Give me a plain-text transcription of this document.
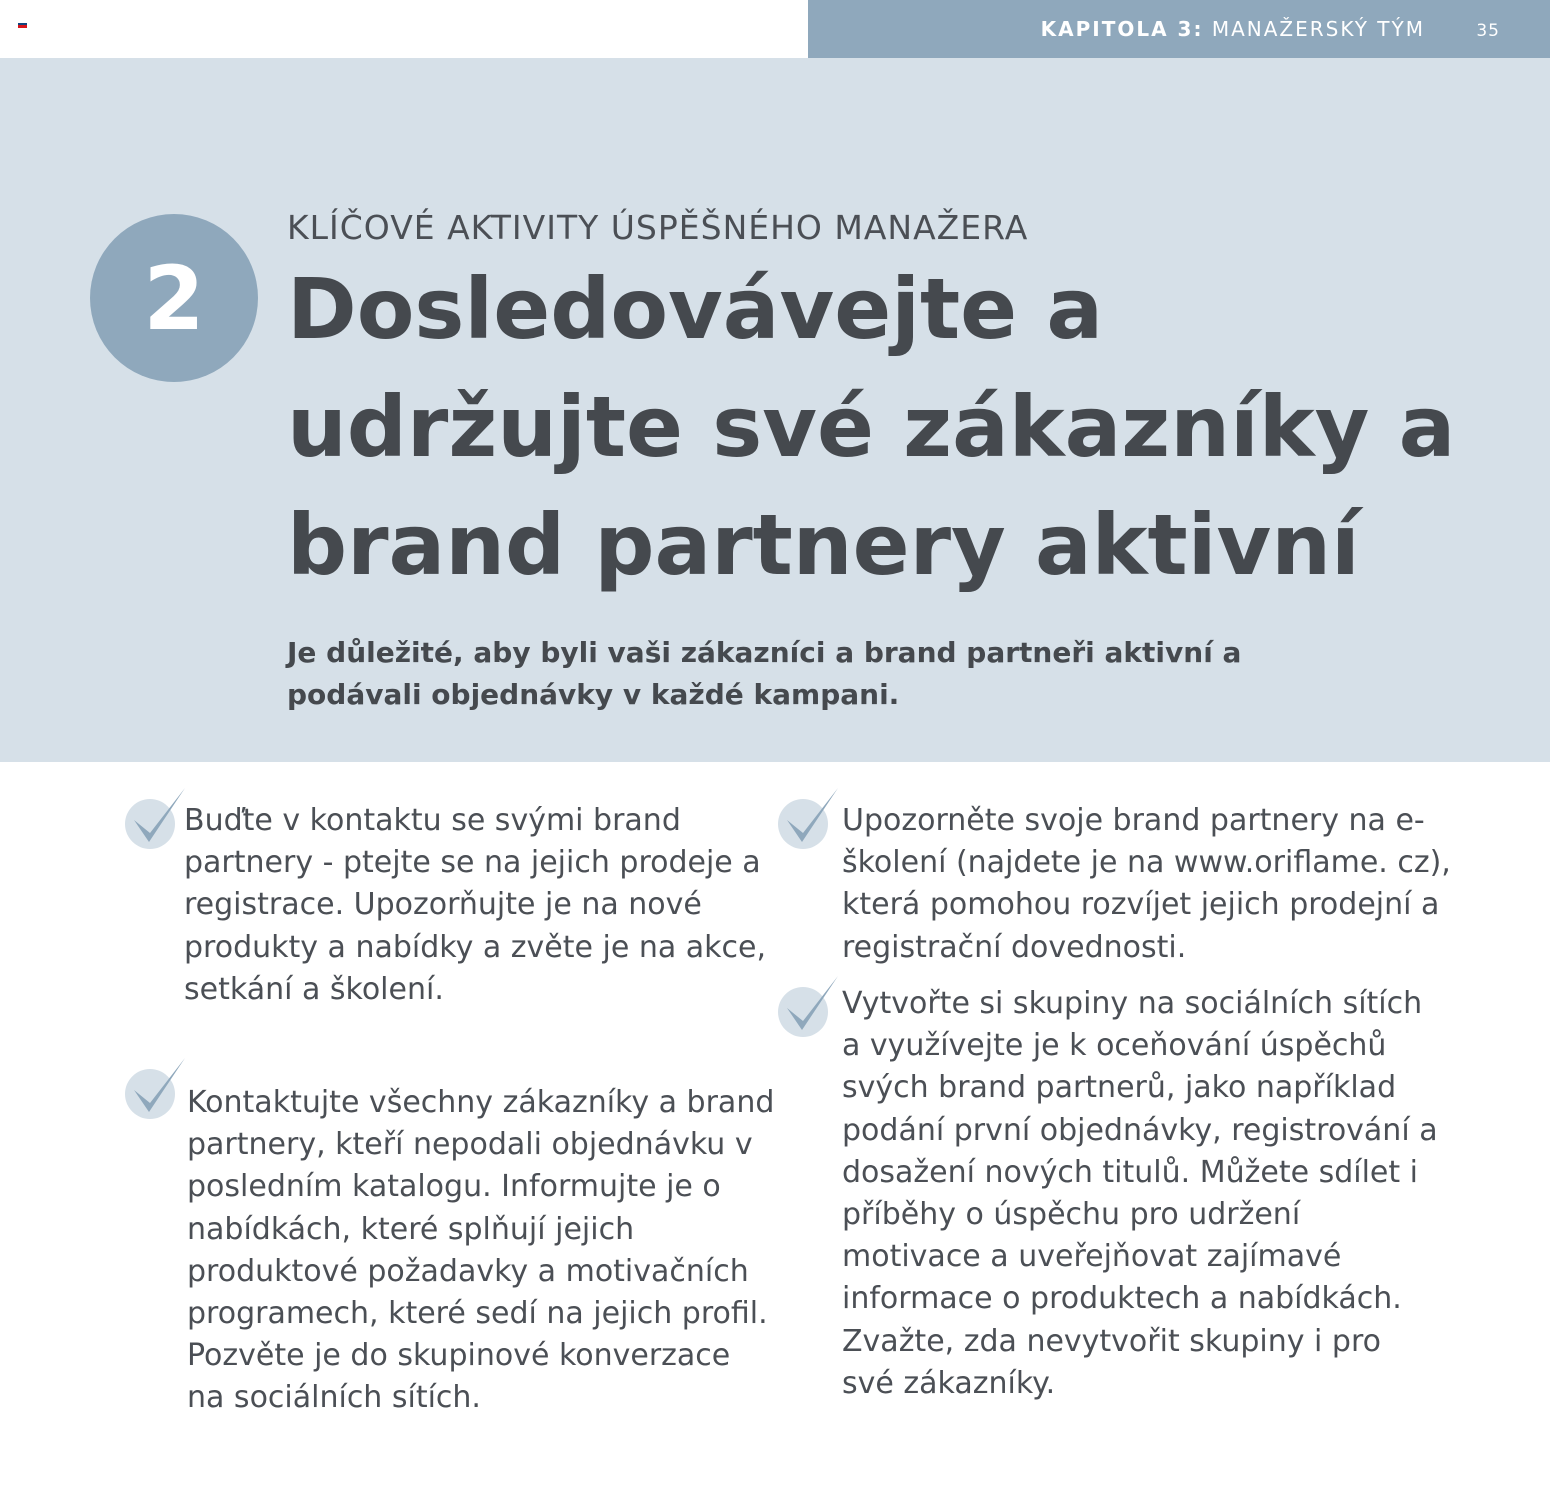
KAPITOLA 3: MANAŽERSKÝ TÝM	35
2
KLÍČOVÉ AKTIVITY ÚSPĚŠNÉHO MANAŽERA
Dosledovávejte a udržujte své zákazníky a brand partnery aktivní

Je důležité, aby byli vaši zákazníci a brand partneři aktivní a podávali objednávky v každé kampani.

Buďte v kontaktu se svými brand partnery - ptejte se na jejich prodeje a registrace. Upozorňujte je na nové produkty a nabídky a zvěte je na akce, setkání a školení.

Kontaktujte všechny zákazníky a brand partnery, kteří nepodali objednávku v posledním katalogu. Informujte je o nabídkách, které splňují jejich produktové požadavky a motivačních programech, které sedí na jejich profil. Pozvěte je do skupinové konverzace na sociálních sítích.

Upozorněte svoje brand partnery na e-školení (najdete je na www.oriflame. cz), která pomohou rozvíjet jejich prodejní a registrační dovednosti.

Vytvořte si skupiny na sociálních sítích a využívejte je k oceňování úspěchů svých brand partnerů, jako například podání první objednávky, registrování a dosažení nových titulů. Můžete sdílet i příběhy o úspěchu pro udržení motivace a uveřejňovat zajímavé informace o produktech a nabídkách. Zvažte, zda nevytvořit skupiny i pro své zákazníky.
